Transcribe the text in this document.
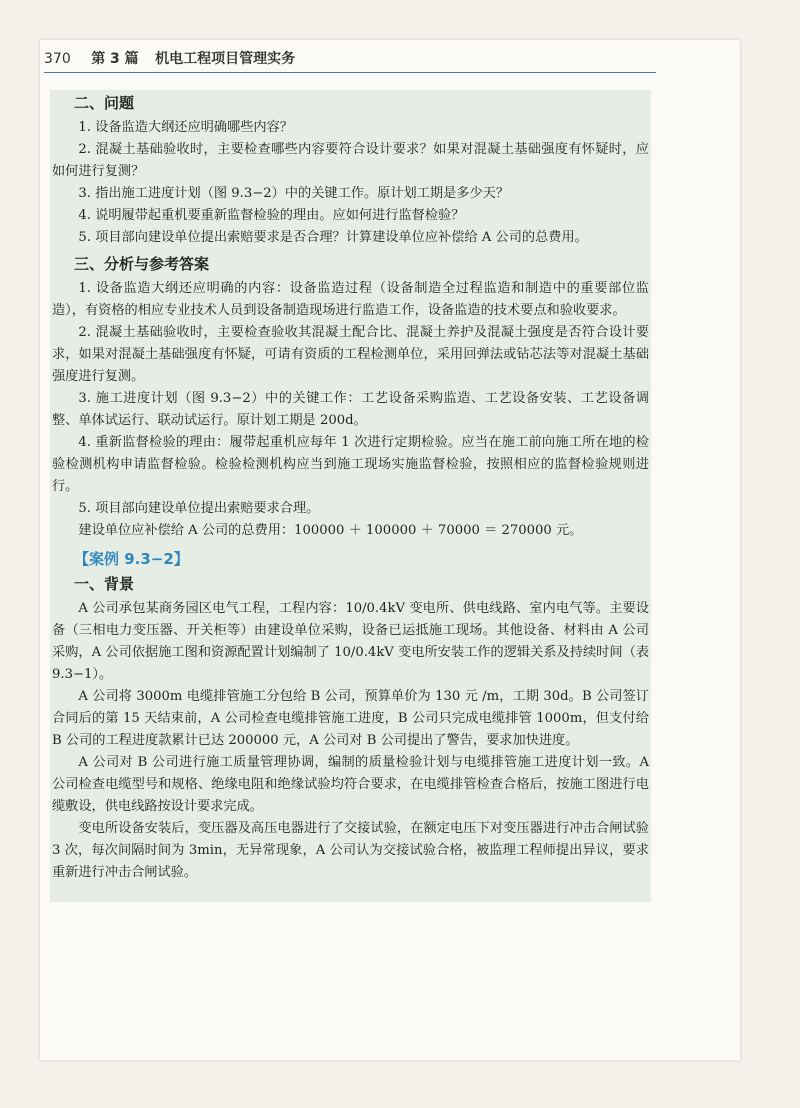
370 第 3 篇 机电工程项目管理实务
二、问题

1. 设备监造大纲还应明确哪些内容？

2. 混凝土基础验收时，主要检查哪些内容要符合设计要求？如果对混凝土基础强度有怀疑时，应如何进行复测？

3. 指出施工进度计划（图 9.3−2）中的关键工作。原计划工期是多少天？

4. 说明履带起重机要重新监督检验的理由。应如何进行监督检验？

5. 项目部向建设单位提出索赔要求是否合理？计算建设单位应补偿给 A 公司的总费用。

三、分析与参考答案

1. 设备监造大纲还应明确的内容：设备监造过程（设备制造全过程监造和制造中的重要部位监造），有资格的相应专业技术人员到设备制造现场进行监造工作，设备监造的技术要点和验收要求。

2. 混凝土基础验收时，主要检查验收其混凝土配合比、混凝土养护及混凝土强度是否符合设计要求，如果对混凝土基础强度有怀疑，可请有资质的工程检测单位，采用回弹法或钻芯法等对混凝土基础强度进行复测。

3. 施工进度计划（图 9.3−2）中的关键工作：工艺设备采购监造、工艺设备安装、工艺设备调整、单体试运行、联动试运行。原计划工期是 200d。

4. 重新监督检验的理由：履带起重机应每年 1 次进行定期检验。应当在施工前向施工所在地的检验检测机构申请监督检验。检验检测机构应当到施工现场实施监督检验，按照相应的监督检验规则进行。

5. 项目部向建设单位提出索赔要求合理。

建设单位应补偿给 A 公司的总费用：100000 ＋ 100000 ＋ 70000 ＝ 270000 元。

【案例 9.3−2】
一、背景

A 公司承包某商务园区电气工程，工程内容：10/0.4kV 变电所、供电线路、室内电气等。主要设备（三相电力变压器、开关柜等）由建设单位采购，设备已运抵施工现场。其他设备、材料由 A 公司采购，A 公司依据施工图和资源配置计划编制了 10/0.4kV 变电所安装工作的逻辑关系及持续时间（表 9.3−1）。

A 公司将 3000m 电缆排管施工分包给 B 公司，预算单价为 130 元 /m，工期 30d。B 公司签订合同后的第 15 天结束前，A 公司检查电缆排管施工进度，B 公司只完成电缆排管 1000m，但支付给 B 公司的工程进度款累计已达 200000 元，A 公司对 B 公司提出了警告，要求加快进度。

A 公司对 B 公司进行施工质量管理协调，编制的质量检验计划与电缆排管施工进度计划一致。A 公司检查电缆型号和规格、绝缘电阻和绝缘试验均符合要求，在电缆排管检查合格后，按施工图进行电缆敷设，供电线路按设计要求完成。

变电所设备安装后，变压器及高压电器进行了交接试验，在额定电压下对变压器进行冲击合闸试验 3 次，每次间隔时间为 3min，无异常现象，A 公司认为交接试验合格，被监理工程师提出异议，要求重新进行冲击合闸试验。
